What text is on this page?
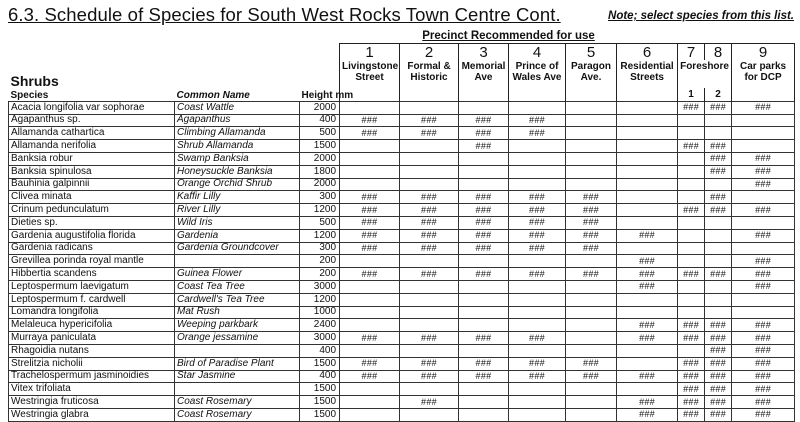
6.3. Schedule of Species for South West Rocks Town Centre Cont.	Note; select species from this list.
			Precinct Recommended for use								
			1	2	3	4	5	6	7	8	9
Shrubs		Height mm	Livingstone Street	Formal & Historic	Memorial Ave	Prince of Wales Ave	Paragon Ave.	Residential Streets	Foreshore		Car parks for DCP
Species	Common Name								1	2	
Acacia longifolia var sophorae	Coast Wattle	2000							###	###	###
Agapanthus sp.	Agapanthus	400	###	###	###	###					
Allamanda cathartica	Climbing Allamanda	500	###	###	###	###					
Allamanda nerifolia	Shrub Allamanda	1500			###				###	###	
Banksia robur	Swamp Banksia	2000								###	###
Banksia spinulosa	Honeysuckle Banksia	1800								###	###
Bauhinia galpinnii	Orange Orchid Shrub	2000									###
Clivea minata	Kaffir Lilly	300	###	###	###	###	###			###	
Crinum pedunculatum	River Lilly	1200	###	###	###	###	###		###	###	###
Dieties sp.	Wild Iris	500	###	###	###	###	###				
Gardenia augustifolia florida	Gardenia	1200	###	###	###	###	###	###			###
Gardenia radicans	Gardenia Groundcover	300	###	###	###	###	###				
Grevillea porinda royal mantle		200						###			###
Hibbertia scandens	Guinea Flower	200	###	###	###	###	###	###	###	###	###
Leptospermum laevigatum	Coast Tea Tree	3000						###			###
Leptospermum f. cardwell	Cardwell's Tea Tree	1200									
Lomandra longifolia	Mat Rush	1000									
Melaleuca hypericifolia	Weeping parkbark	2400						###	###	###	###
Murraya paniculata	Orange jessamine	3000	###	###	###	###		###	###	###	###
Rhagoidia nutans		400								###	###
Strelitzia nicholii	Bird of Paradise Plant	1500	###	###	###	###	###		###	###	###
Trachelospermum jasminoidies	Star Jasmine	400	###	###	###	###	###	###	###	###	###
Vitex trifoliata		1500							###	###	###
Westringia fruticosa	Coast Rosemary	1500		###				###	###	###	###
Westringia glabra	Coast Rosemary	1500						###	###	###	###
